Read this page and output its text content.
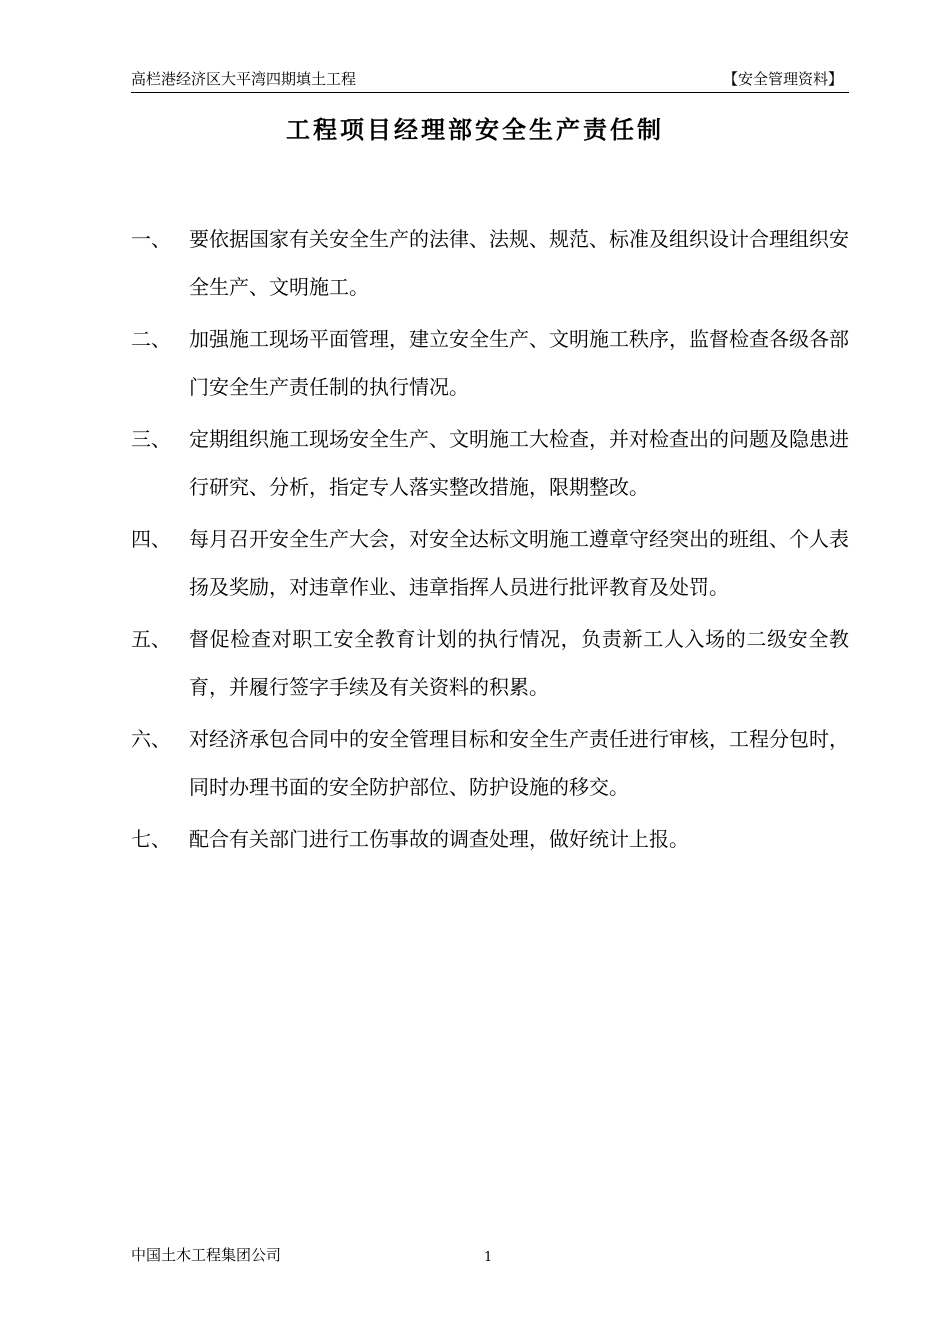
高栏港经济区大平湾四期填土工程	【安全管理资料】
工程项目经理部安全生产责任制
一、 要依据国家有关安全生产的法律、法规、规范、标准及组织设计合理组织安全生产、文明施工。
二、 加强施工现场平面管理，建立安全生产、文明施工秩序，监督检查各级各部门安全生产责任制的执行情况。
三、 定期组织施工现场安全生产、文明施工大检查，并对检查出的问题及隐患进行研究、分析，指定专人落实整改措施，限期整改。
四、 每月召开安全生产大会，对安全达标文明施工遵章守经突出的班组、个人表扬及奖励，对违章作业、违章指挥人员进行批评教育及处罚。
五、 督促检查对职工安全教育计划的执行情况，负责新工人入场的二级安全教育，并履行签字手续及有关资料的积累。
六、 对经济承包合同中的安全管理目标和安全生产责任进行审核，工程分包时，同时办理书面的安全防护部位、防护设施的移交。
七、 配合有关部门进行工伤事故的调查处理，做好统计上报。
中国土木工程集团公司	1
